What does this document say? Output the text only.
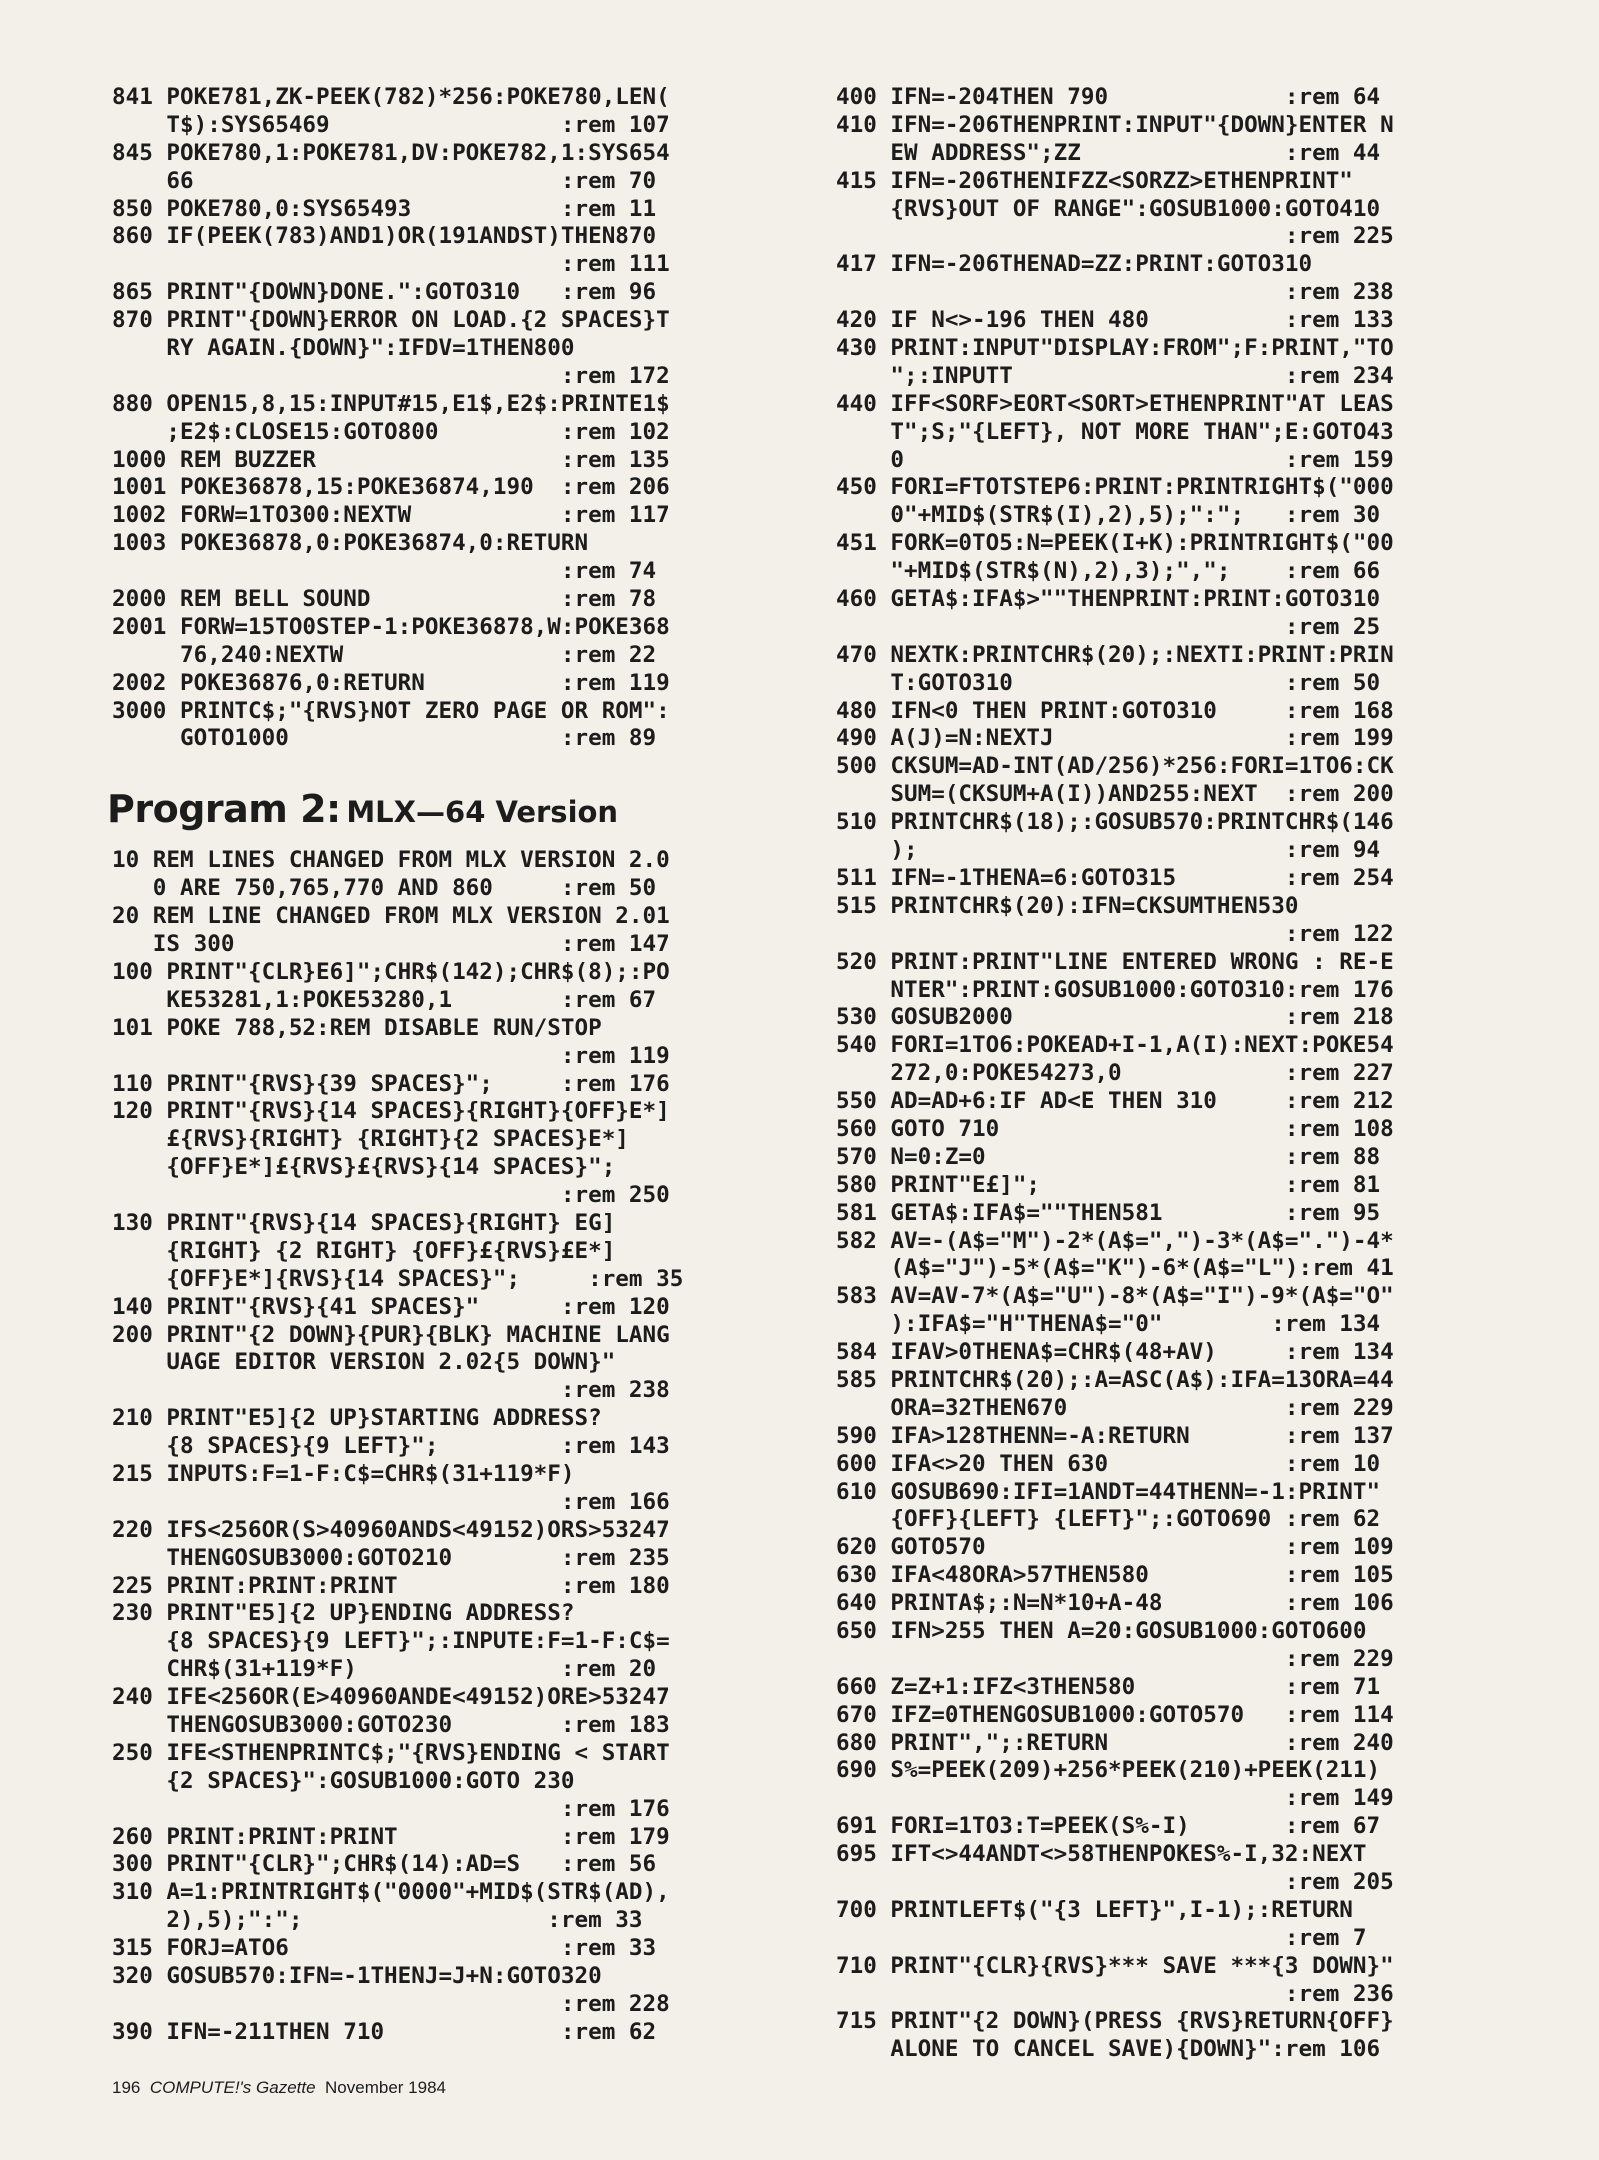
841 POKE781,ZK-PEEK(782)*256:POKE780,LEN(
T$):SYS65469                 :rem 107
845 POKE780,1:POKE781,DV:POKE782,1:SYS654
66                           :rem 70
850 POKE780,0:SYS65493           :rem 11
860 IF(PEEK(783)AND1)OR(191ANDST)THEN870
:rem 111
865 PRINT"{DOWN}DONE.":GOTO310   :rem 96
870 PRINT"{DOWN}ERROR ON LOAD.{2 SPACES}T
RY AGAIN.{DOWN}":IFDV=1THEN800
:rem 172
880 OPEN15,8,15:INPUT#15,E1$,E2$:PRINTE1$
;E2$:CLOSE15:GOTO800         :rem 102
1000 REM BUZZER                  :rem 135
1001 POKE36878,15:POKE36874,190  :rem 206
1002 FORW=1TO300:NEXTW           :rem 117
1003 POKE36878,0:POKE36874,0:RETURN
:rem 74
2000 REM BELL SOUND              :rem 78
2001 FORW=15TO0STEP-1:POKE36878,W:POKE368
76,240:NEXTW                :rem 22
2002 POKE36876,0:RETURN          :rem 119
3000 PRINTC$;"{RVS}NOT ZERO PAGE OR ROM":
GOTO1000                    :rem 89
Program 2: MLX—64 Version
10 REM LINES CHANGED FROM MLX VERSION 2.0
0 ARE 750,765,770 AND 860     :rem 50
20 REM LINE CHANGED FROM MLX VERSION 2.01
IS 300                        :rem 147
100 PRINT"{CLR}E6]";CHR$(142);CHR$(8);:PO
KE53281,1:POKE53280,1        :rem 67
101 POKE 788,52:REM DISABLE RUN/STOP
:rem 119
110 PRINT"{RVS}{39 SPACES}";     :rem 176
120 PRINT"{RVS}{14 SPACES}{RIGHT}{OFF}E*]
£{RVS}{RIGHT} {RIGHT}{2 SPACES}E*]
{OFF}E*]£{RVS}£{RVS}{14 SPACES}";
:rem 250
130 PRINT"{RVS}{14 SPACES}{RIGHT} EG]
{RIGHT} {2 RIGHT} {OFF}£{RVS}£E*]
{OFF}E*]{RVS}{14 SPACES}";     :rem 35
140 PRINT"{RVS}{41 SPACES}"      :rem 120
200 PRINT"{2 DOWN}{PUR}{BLK} MACHINE LANG
UAGE EDITOR VERSION 2.02{5 DOWN}"
:rem 238
210 PRINT"E5]{2 UP}STARTING ADDRESS?
{8 SPACES}{9 LEFT}";         :rem 143
215 INPUTS:F=1-F:C$=CHR$(31+119*F)
:rem 166
220 IFS<256OR(S>40960ANDS<49152)ORS>53247
THENGOSUB3000:GOTO210        :rem 235
225 PRINT:PRINT:PRINT            :rem 180
230 PRINT"E5]{2 UP}ENDING ADDRESS?
{8 SPACES}{9 LEFT}";:INPUTE:F=1-F:C$=
CHR$(31+119*F)               :rem 20
240 IFE<256OR(E>40960ANDE<49152)ORE>53247
THENGOSUB3000:GOTO230        :rem 183
250 IFE<STHENPRINTC$;"{RVS}ENDING < START
{2 SPACES}":GOSUB1000:GOTO 230
:rem 176
260 PRINT:PRINT:PRINT            :rem 179
300 PRINT"{CLR}";CHR$(14):AD=S   :rem 56
310 A=1:PRINTRIGHT$("0000"+MID$(STR$(AD),
2),5);":";                  :rem 33
315 FORJ=ATO6                    :rem 33
320 GOSUB570:IFN=-1THENJ=J+N:GOTO320
:rem 228
390 IFN=-211THEN 710             :rem 62
400 IFN=-204THEN 790             :rem 64
410 IFN=-206THENPRINT:INPUT"{DOWN}ENTER N
EW ADDRESS";ZZ               :rem 44
415 IFN=-206THENIFZZ<SORZZ>ETHENPRINT"
{RVS}OUT OF RANGE":GOSUB1000:GOTO410
:rem 225
417 IFN=-206THENAD=ZZ:PRINT:GOTO310
:rem 238
420 IF N<>-196 THEN 480          :rem 133
430 PRINT:INPUT"DISPLAY:FROM";F:PRINT,"TO
";:INPUTT                    :rem 234
440 IFF<SORF>EORT<SORT>ETHENPRINT"AT LEAS
T";S;"{LEFT}, NOT MORE THAN";E:GOTO43
0                            :rem 159
450 FORI=FTOTSTEP6:PRINT:PRINTRIGHT$("000
0"+MID$(STR$(I),2),5);":";   :rem 30
451 FORK=0TO5:N=PEEK(I+K):PRINTRIGHT$("00
"+MID$(STR$(N),2),3);",";    :rem 66
460 GETA$:IFA$>""THENPRINT:PRINT:GOTO310
:rem 25
470 NEXTK:PRINTCHR$(20);:NEXTI:PRINT:PRIN
T:GOTO310                    :rem 50
480 IFN<0 THEN PRINT:GOTO310     :rem 168
490 A(J)=N:NEXTJ                 :rem 199
500 CKSUM=AD-INT(AD/256)*256:FORI=1TO6:CK
SUM=(CKSUM+A(I))AND255:NEXT  :rem 200
510 PRINTCHR$(18);:GOSUB570:PRINTCHR$(146
);                           :rem 94
511 IFN=-1THENA=6:GOTO315        :rem 254
515 PRINTCHR$(20):IFN=CKSUMTHEN530
:rem 122
520 PRINT:PRINT"LINE ENTERED WRONG : RE-E
NTER":PRINT:GOSUB1000:GOTO310:rem 176
530 GOSUB2000                    :rem 218
540 FORI=1TO6:POKEAD+I-1,A(I):NEXT:POKE54
272,0:POKE54273,0            :rem 227
550 AD=AD+6:IF AD<E THEN 310     :rem 212
560 GOTO 710                     :rem 108
570 N=0:Z=0                      :rem 88
580 PRINT"E£]";                  :rem 81
581 GETA$:IFA$=""THEN581         :rem 95
582 AV=-(A$="M")-2*(A$=",")-3*(A$=".")-4*
(A$="J")-5*(A$="K")-6*(A$="L"):rem 41
583 AV=AV-7*(A$="U")-8*(A$="I")-9*(A$="O"
):IFA$="H"THENA$="0"        :rem 134
584 IFAV>0THENA$=CHR$(48+AV)     :rem 134
585 PRINTCHR$(20);:A=ASC(A$):IFA=13ORA=44
ORA=32THEN670                :rem 229
590 IFA>128THENN=-A:RETURN       :rem 137
600 IFA<>20 THEN 630             :rem 10
610 GOSUB690:IFI=1ANDT=44THENN=-1:PRINT"
{OFF}{LEFT} {LEFT}";:GOTO690 :rem 62
620 GOTO570                      :rem 109
630 IFA<48ORA>57THEN580          :rem 105
640 PRINTA$;:N=N*10+A-48         :rem 106
650 IFN>255 THEN A=20:GOSUB1000:GOTO600
:rem 229
660 Z=Z+1:IFZ<3THEN580           :rem 71
670 IFZ=0THENGOSUB1000:GOTO570   :rem 114
680 PRINT",";:RETURN             :rem 240
690 S%=PEEK(209)+256*PEEK(210)+PEEK(211)
:rem 149
691 FORI=1TO3:T=PEEK(S%-I)       :rem 67
695 IFT<>44ANDT<>58THENPOKES%-I,32:NEXT
:rem 205
700 PRINTLEFT$("{3 LEFT}",I-1);:RETURN
:rem 7
710 PRINT"{CLR}{RVS}*** SAVE ***{3 DOWN}"
:rem 236
715 PRINT"{2 DOWN}(PRESS {RVS}RETURN{OFF}
ALONE TO CANCEL SAVE){DOWN}":rem 106
196 COMPUTE!'s Gazette November 1984
